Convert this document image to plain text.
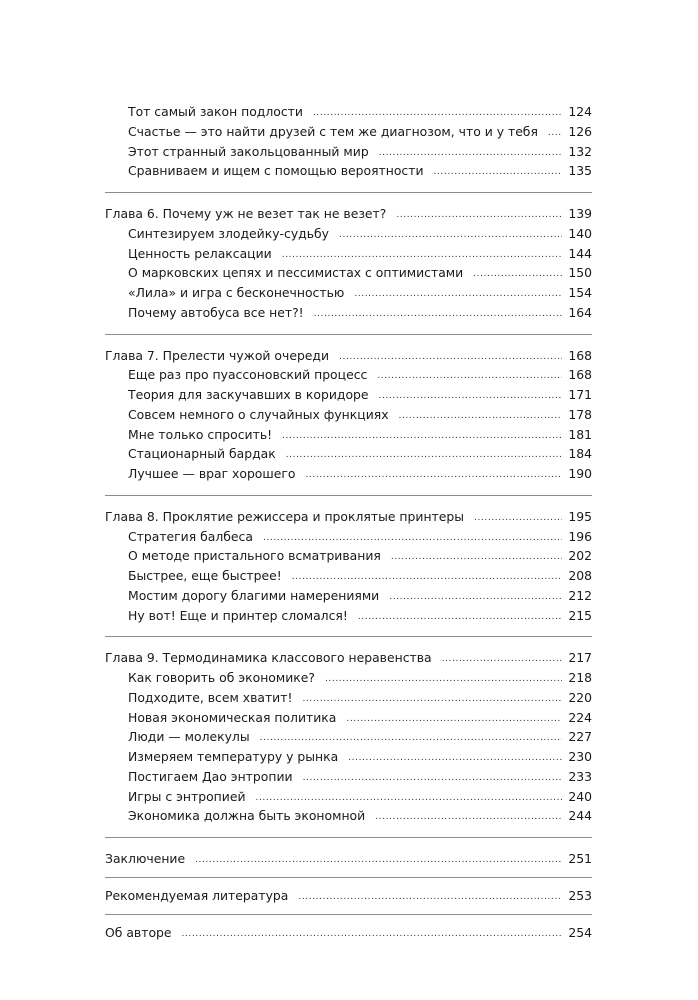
Тот самый закон подлости .....	124
Счастье — это найти друзей с тем же диагнозом, что и у тебя ..... 126
Этот странный закольцованный мир .....	132
Сравниваем и ищем с помощью вероятности .....	135
Глава 6. Почему уж не везет так не везет? .....	139
Синтезируем злодейку-судьбу .....	140
Ценность релаксации .....	144
О марковских цепях и пессимистах с оптимистами .....	150
«Лила» и игра с бесконечностью .....	154
Почему автобуса все нет?! .....	164
Глава 7. Прелести чужой очереди .....	168
Еще раз про пуассоновский процесс .....	168
Теория для заскучавших в коридоре .....	171
Совсем немного о случайных функциях .....	178
Мне только спросить! .....	181
Стационарный бардак .....	184
Лучшее — враг хорошего .....	190
Глава 8. Проклятие режиссера и проклятые принтеры .....	195
Стратегия балбеса .....	196
О методе пристального всматривания .....	202
Быстрее, еще быстрее! .....	208
Мостим дорогу благими намерениями .....	212
Ну вот! Еще и принтер сломался! .....	215
Глава 9. Термодинамика классового неравенства .....	217
Как говорить об экономике? .....	218
Подходите, всем хватит! .....	220
Новая экономическая политика .....	224
Люди — молекулы .....	227
Измеряем температуру у рынка .....	230
Постигаем Дао энтропии .....	233
Игры с энтропией .....	240
Экономика должна быть экономной .....	244
Заключение .....	251
Рекомендуемая литература .....	253
Об авторе .....	254
